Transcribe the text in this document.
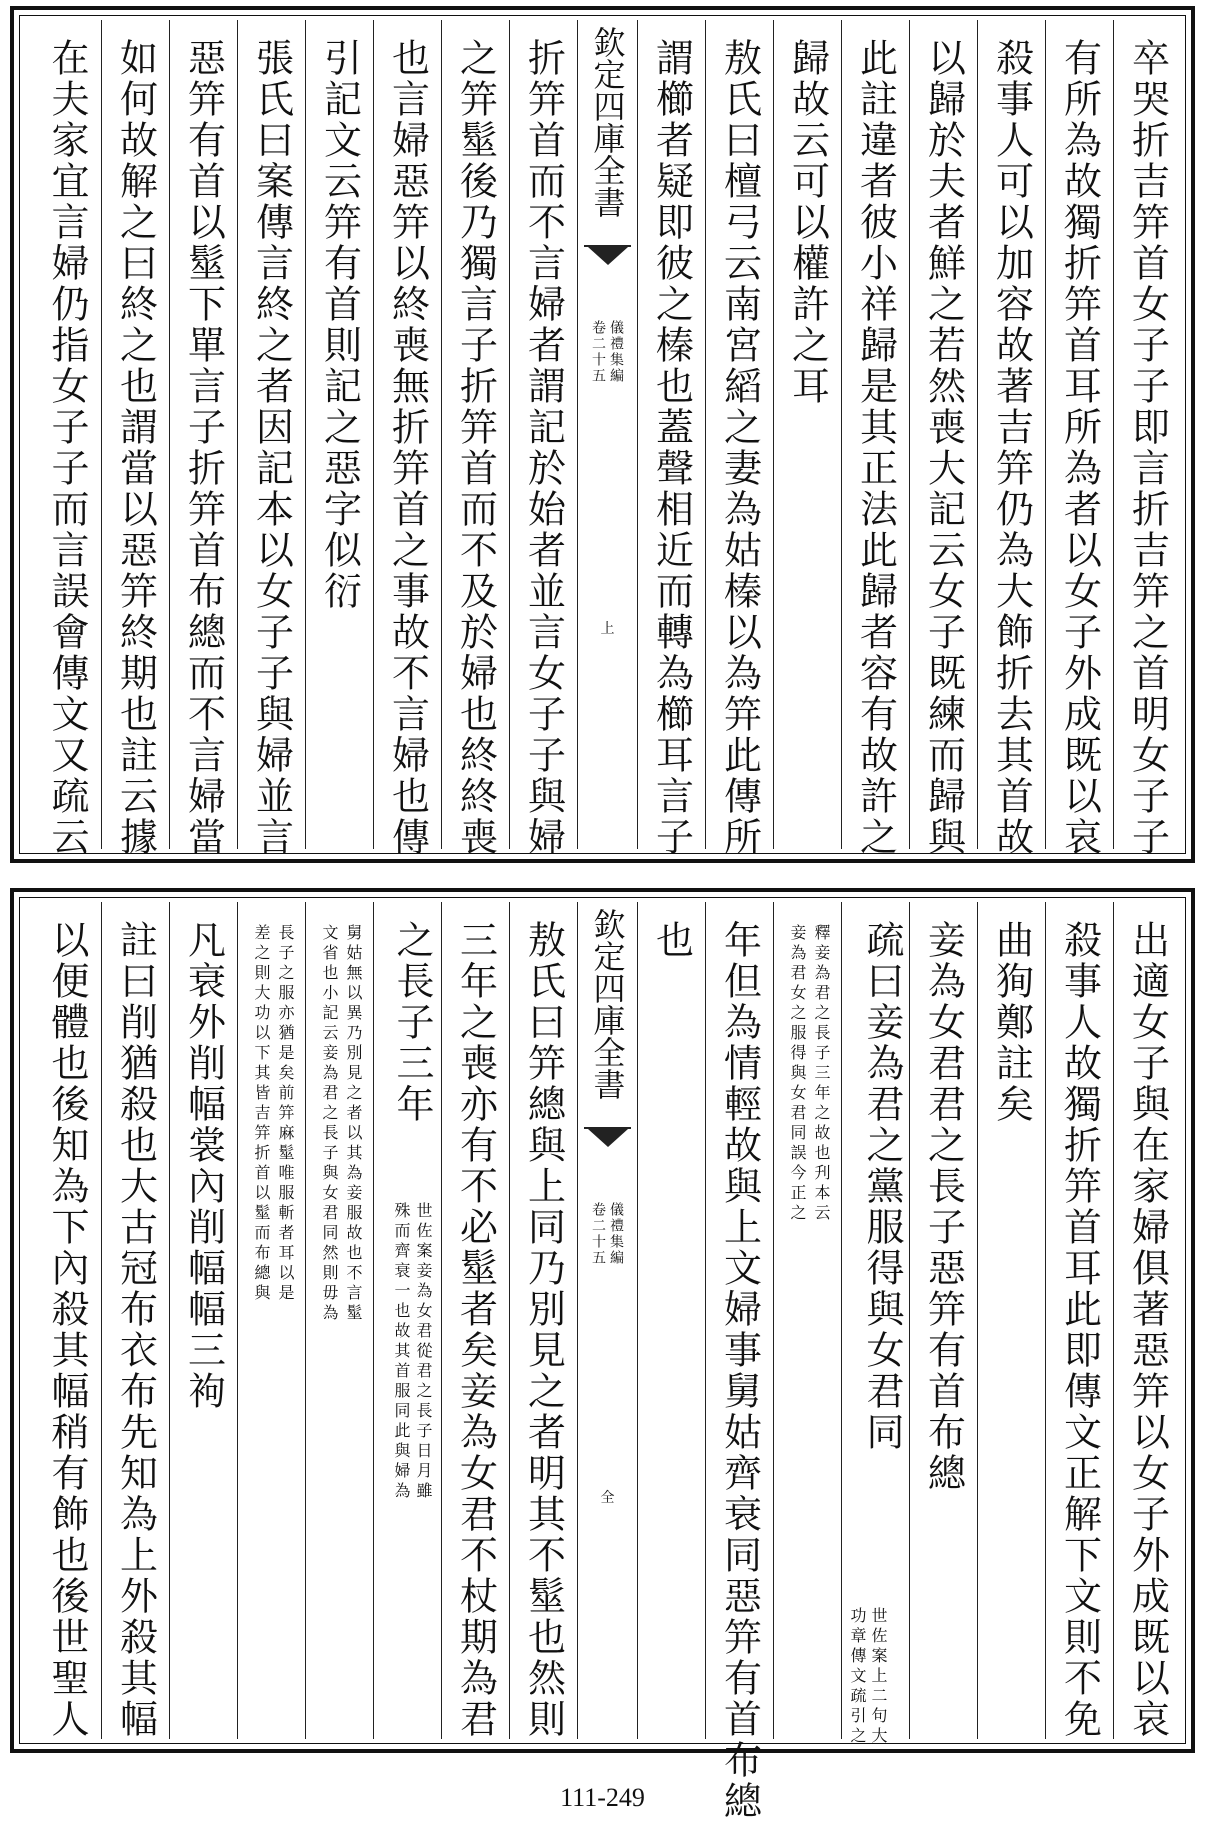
卒哭折吉笄首女子子即言折吉笄之首明女子子
有所為故獨折笄首耳所為者以女子外成既以哀
殺事人可以加容故著吉笄仍為大飾折去其首故
以歸於夫者鮮之若然喪大記云女子既練而歸與
此註違者彼小祥歸是其正法此歸者容有故許之
歸故云可以權許之耳
敖氏曰檀弓云南宮縚之妻為姑榛以為笄此傳所
謂櫛者疑即彼之榛也蓋聲相近而轉為櫛耳言子
欽定四庫全書
儀禮集編
卷二十五
上
折笄首而不言婦者謂記於始者並言女子子與婦
之笄髽後乃獨言子折笄首而不及於婦也終終喪
也言婦惡笄以終喪無折笄首之事故不言婦也傳
引記文云笄有首則記之惡字似衍
張氏曰案傳言終之者因記本以女子子與婦並言
惡笄有首以髽下單言子折笄首布總而不言婦當
如何故解之曰終之也謂當以惡笄終期也註云據
在夫家宜言婦仍指女子子而言誤會傳文又疏云
出適女子與在家婦俱著惡笄以女子外成既以哀
殺事人故獨折笄首耳此即傳文正解下文則不免
曲狥鄭註矣
妾為女君君之長子惡笄有首布總
疏曰妾為君之黨服得與女君同
世佐案上二句大
功章傳文疏引之
釋妾為君之長子三年之故也刋本云
妾為君女之服得與女君同誤今正之
年但為情輕故與上文婦事舅姑齊衰同惡笄有首布總
也
欽定四庫全書
儀禮集編
卷二十五
全
敖氏曰笄總與上同乃別見之者明其不髽也然則
三年之喪亦有不必髽者矣妾為女君不杖期為君
之長子三年
世佐案妾為女君從君之長子日月雖
殊而齊衰一也故其首服同此與婦為
舅姑無以異乃別見之者以其為妾服故也不言髽
文省也小記云妾為君之長子與女君同然則毋為
長子之服亦猶是矣前笄麻髽唯服斬者耳以是
差之則大功以下其皆吉笄折首以髽而布總與
凡衰外削幅裳內削幅幅三袧
註曰削猶殺也大古冠布衣布先知為上外殺其幅
以便體也後知為下內殺其幅稍有飾也後世聖人
111-249
